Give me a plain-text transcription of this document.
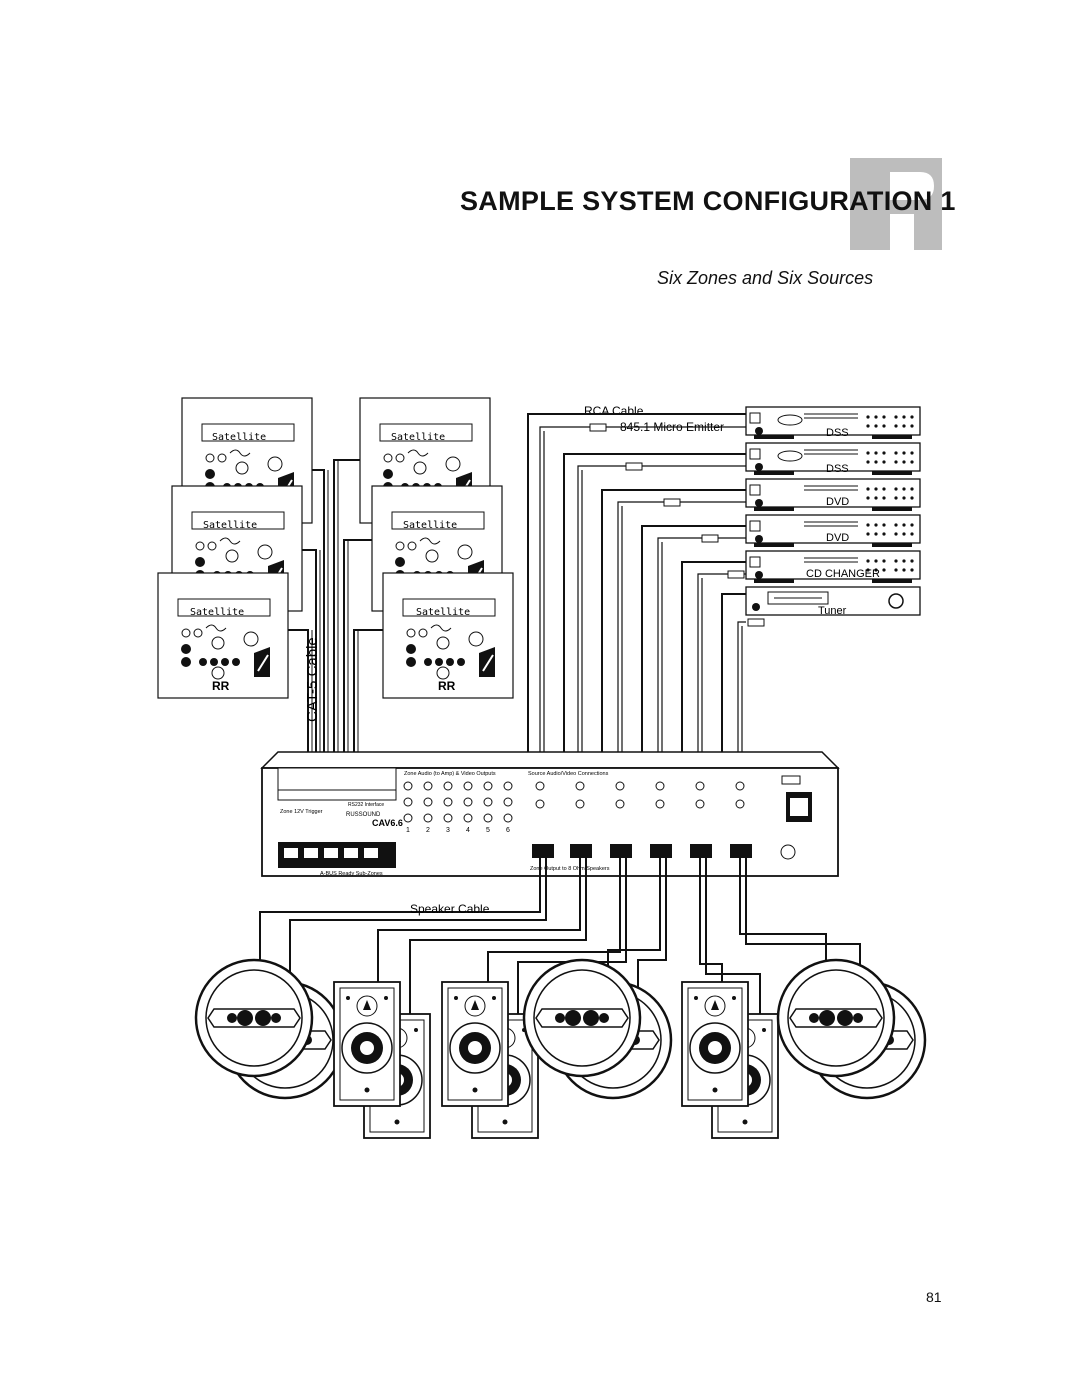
SAMPLE SYSTEM CONFIGURATION 1
Six Zones and Six Sources
Satellite	Satellite
Satellite	Satellite
Satellite
RR
Satellite
RR
CAT-5 Cable
DSS
DSS
DVD
DVD
CD CHANGER
Tuner
RCA Cable
845.1 Micro Emitter
CAV6.6
RUSSOUND
Zone Audio (to Amp) & Video Outputs	Source Audio/Video Connections
Zone Output to 8 Ohm Speakers
A-BUS Ready Sub-Zones
Zone 12V Trigger
RS232 Interface
1 2 3 4 5 6
Speaker Cable
81
